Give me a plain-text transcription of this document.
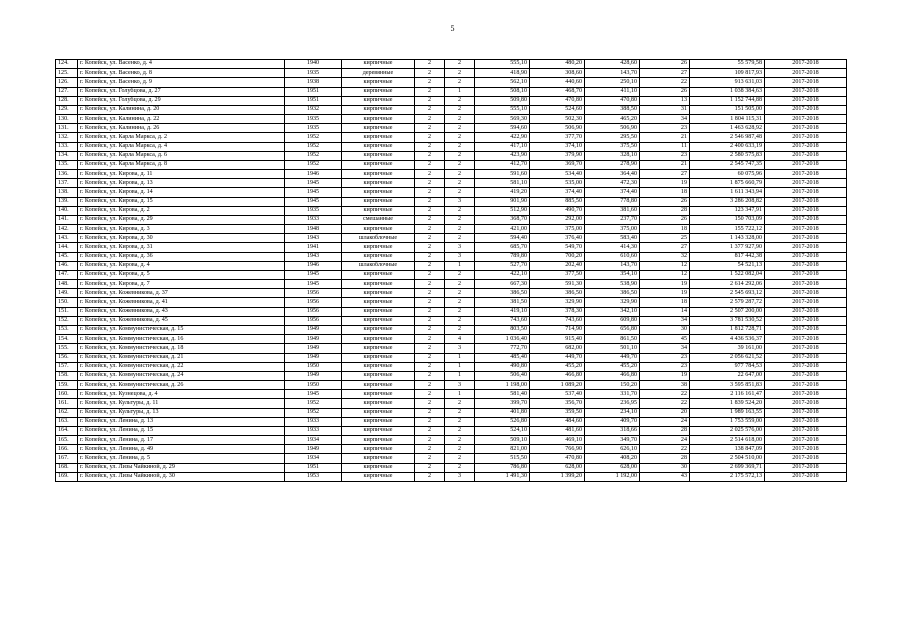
5
124.	г. Копейск, ул. Васенко, д. 4	1940	кирпичные	2	2	555,10	480,20	428,60	26	55 579,58	2017-2018
125.	г. Копейск, ул. Васенко, д. 8	1935	деревянные	2	2	418,90	308,60	143,70	27	109 817,93	2017-2018
126.	г. Копейск, ул. Васенко, д. 9	1938	кирпичные	2	2	562,10	440,60	250,10	22	913 631,03	2017-2018
127.	г. Копейск, ул. Голубцова, д. 27	1951	кирпичные	2	1	508,10	468,70	411,10	26	1 038 384,63	2017-2018
128.	г. Копейск, ул. Голубцова, д. 29	1951	кирпичные	2	2	509,80	470,80	470,80	13	1 152 744,88	2017-2018
129.	г. Копейск, ул. Калинина, д. 20	1932	кирпичные	2	2	555,10	524,60	388,50	31	151 505,00	2017-2018
130.	г. Копейск, ул. Калинина, д. 22	1935	кирпичные	2	2	569,30	502,30	465,20	34	1 804 115,31	2017-2018
131.	г. Копейск, ул. Калинина, д. 26	1935	кирпичные	2	2	594,60	506,90	506,90	23	1 463 628,92	2017-2018
132.	г. Копейск, ул. Карла Маркса, д. 2	1952	кирпичные	2	2	422,90	377,70	295,50	21	2 546 987,48	2017-2018
133.	г. Копейск, ул. Карла Маркса, д. 4	1952	кирпичные	2	2	417,10	374,10	375,50	11	2 400 633,19	2017-2018
134.	г. Копейск, ул. Карла Маркса, д. 6	1952	кирпичные	2	2	423,90	379,90	328,10	23	2 580 575,83	2017-2018
135.	г. Копейск, ул. Карла Маркса, д. 8	1952	кирпичные	2	2	412,70	369,70	278,90	21	2 545 747,35	2017-2018
136.	г. Копейск, ул. Кирова, д. 11	1946	кирпичные	2	2	591,60	534,40	364,40	27	60 075,96	2017-2018
137.	г. Копейск, ул. Кирова, д. 13	1945	кирпичные	2	2	581,10	535,00	472,30	19	1 875 660,79	2017-2018
138.	г. Копейск, ул. Кирова, д. 14	1945	кирпичные	2	2	419,20	374,40	374,40	18	1 611 343,94	2017-2018
139.	г. Копейск, ул. Кирова, д. 15	1945	кирпичные	2	3	901,90	885,50	778,80	26	3 286 208,82	2017-2018
140.	г. Копейск, ул. Кирова, д. 2	1935	кирпичные	2	2	512,90	490,70	381,60	28	123 347,91	2017-2018
141.	г. Копейск, ул. Кирова, д. 29	1933	смешанные	2	2	368,70	292,00	237,70	26	150 703,09	2017-2018
142.	г. Копейск, ул. Кирова, д. 3	1948	кирпичные	2	2	421,00	375,00	375,00	18	155 722,12	2017-2018
143.	г. Копейск, ул. Кирова, д. 30	1943	шлакоблочные	2	2	594,40	376,40	583,40	25	1 143 328,00	2017-2018
144.	г. Копейск, ул. Кирова, д. 31	1941	кирпичные	2	3	685,70	549,70	414,30	27	1 377 927,90	2017-2018
145.	г. Копейск, ул. Кирова, д. 36	1943	кирпичные	2	3	789,80	700,20	610,60	32	817 442,38	2017-2018
146.	г. Копейск, ул. Кирова, д. 4	1946	шлакоблочные	2	1	527,70	202,40	143,70	12	54 521,13	2017-2018
147.	г. Копейск, ул. Кирова, д. 5	1945	кирпичные	2	2	422,10	377,50	354,10	12	1 522 082,04	2017-2018
148.	г. Копейск, ул. Кирова, д. 7	1945	кирпичные	2	2	667,30	591,30	538,90	19	2 614 292,06	2017-2018
149.	г. Копейск, ул. Кожевникова, д. 37	1956	кирпичные	2	2	386,50	386,50	386,50	19	2 545 693,12	2017-2018
150.	г. Копейск, ул. Кожевникова, д. 41	1956	кирпичные	2	2	381,50	329,90	329,90	18	2 579 287,72	2017-2018
151.	г. Копейск, ул. Кожевникова, д. 43	1956	кирпичные	2	2	419,10	378,30	342,10	14	2 507 200,00	2017-2018
152.	г. Копейск, ул. Кожевникова, д. 45	1956	кирпичные	2	2	743,60	743,60	609,80	34	3 781 530,52	2017-2018
153.	г. Копейск, ул. Коммунистическая, д. 15	1949	кирпичные	2	2	803,50	714,90	656,80	30	1 812 728,71	2017-2018
154.	г. Копейск, ул. Коммунистическая, д. 16	1949	кирпичные	2	4	1 036,40	915,40	861,50	45	4 436 536,37	2017-2018
155.	г. Копейск, ул. Коммунистическая, д. 18	1949	кирпичные	2	3	772,70	682,00	501,10	34	39 161,00	2017-2018
156.	г. Копейск, ул. Коммунистическая, д. 21	1949	кирпичные	2	1	485,40	449,70	449,70	23	2 056 621,52	2017-2018
157.	г. Копейск, ул. Коммунистическая, д. 22	1950	кирпичные	2	1	490,80	455,20	455,20	23	977 784,53	2017-2018
158.	г. Копейск, ул. Коммунистическая, д. 24	1949	кирпичные	2	1	506,40	466,80	466,80	19	22 647,00	2017-2018
159.	г. Копейск, ул. Коммунистическая, д. 26	1950	кирпичные	2	3	1 198,00	1 089,20	150,20	38	3 595 851,83	2017-2018
160.	г. Копейск, ул. Кузнецова, д. 4	1945	кирпичные	2	1	581,40	537,40	331,70	22	2 116 161,47	2017-2018
161.	г. Копейск, ул. Культуры, д. 11	1952	кирпичные	2	2	399,70	356,70	236,95	22	1 839 524,20	2017-2018
162.	г. Копейск, ул. Культуры, д. 13	1952	кирпичные	2	2	401,80	359,50	234,10	20	1 989 163,55	2017-2018
163.	г. Копейск, ул. Ленина, д. 13	1933	кирпичные	2	2	526,80	484,60	409,70	24	1 753 559,00	2017-2018
164.	г. Копейск, ул. Ленина, д. 15	1933	кирпичные	2	2	524,10	481,60	318,66	28	2 025 576,00	2017-2018
165.	г. Копейск, ул. Ленина, д. 17	1934	кирпичные	2	2	509,10	469,10	349,70	24	2 514 618,00	2017-2018
166.	г. Копейск, ул. Ленина, д. 49	1949	кирпичные	2	2	821,00	766,90	626,10	22	138 847,09	2017-2018
167.	г. Копейск, ул. Ленина, д. 5	1934	кирпичные	2	2	515,50	470,80	408,20	28	2 504 510,00	2017-2018
168.	г. Копейск, ул. Лизы Чайкиной, д. 29	1951	кирпичные	2	2	786,80	628,00	628,00	30	2 699 369,71	2017-2018
169.	г. Копейск, ул. Лизы Чайкиной, д. 30	1953	кирпичные	2	3	1 491,30	1 399,20	1 192,00	43	2 175 572,13	2017-2018
